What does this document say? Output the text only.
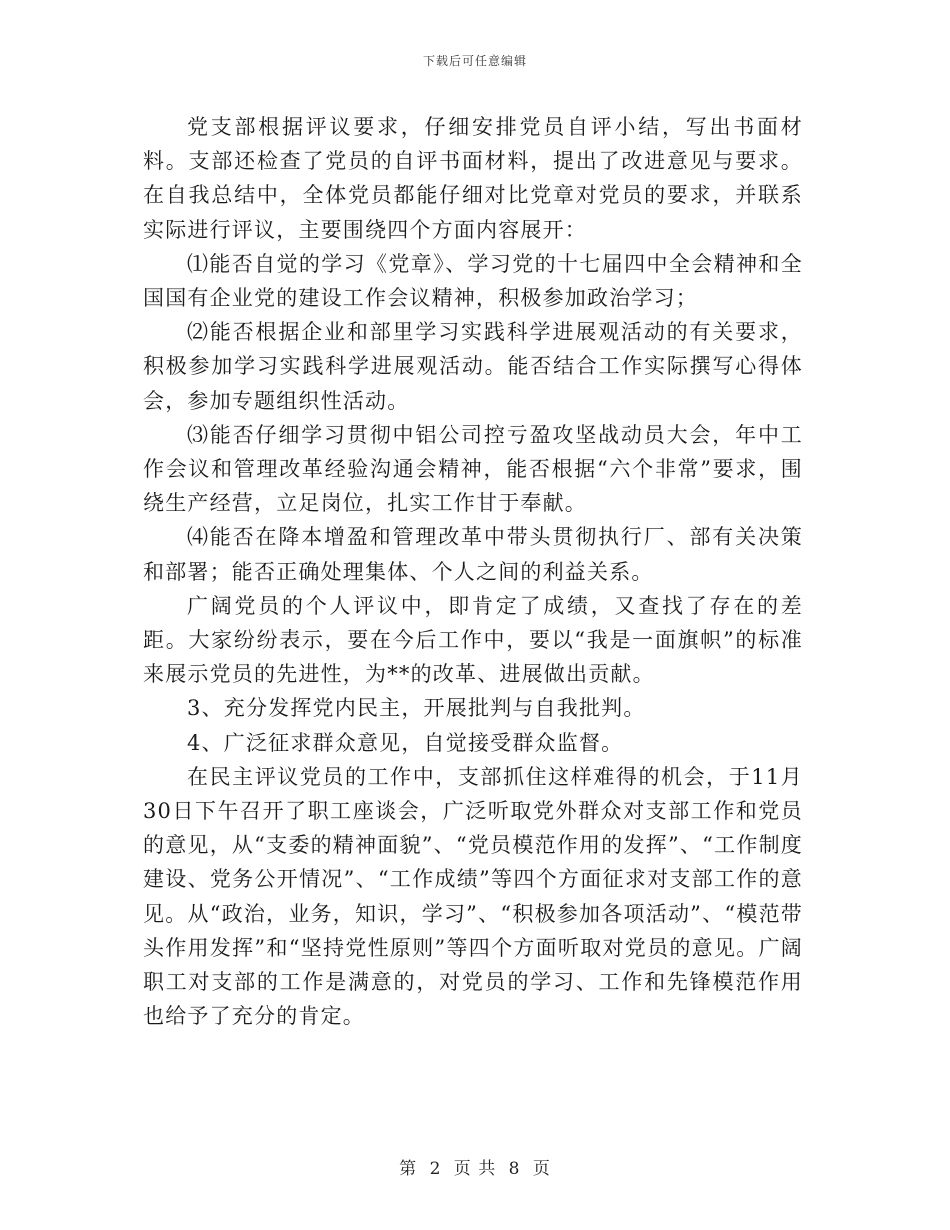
下载后可任意编辑

党支部根据评议要求，仔细安排党员自评小结，写出书面材料。支部还检查了党员的自评书面材料，提出了改进意见与要求。在自我总结中，全体党员都能仔细对比党章对党员的要求，并联系实际进行评议，主要围绕四个方面内容展开：

⑴能否自觉的学习《党章》、学习党的十七届四中全会精神和全国国有企业党的建设工作会议精神，积极参加政治学习；

⑵能否根据企业和部里学习实践科学进展观活动的有关要求，积极参加学习实践科学进展观活动。能否结合工作实际撰写心得体会，参加专题组织性活动。

⑶能否仔细学习贯彻中铝公司控亏盈攻坚战动员大会，年中工作会议和管理改革经验沟通会精神，能否根据“六个非常”要求，围绕生产经营，立足岗位，扎实工作甘于奉献。

⑷能否在降本增盈和管理改革中带头贯彻执行厂、部有关决策和部署；能否正确处理集体、个人之间的利益关系。

广阔党员的个人评议中，即肯定了成绩，又查找了存在的差距。大家纷纷表示，要在今后工作中，要以“我是一面旗帜”的标准来展示党员的先进性，为**的改革、进展做出贡献。

3、充分发挥党内民主，开展批判与自我批判。

4、广泛征求群众意见，自觉接受群众监督。

在民主评议党员的工作中，支部抓住这样难得的机会，于11月30日下午召开了职工座谈会，广泛听取党外群众对支部工作和党员的意见，从“支委的精神面貌”、“党员模范作用的发挥”、“工作制度建设、党务公开情况”、“工作成绩”等四个方面征求对支部工作的意见。从“政治，业务，知识，学习”、“积极参加各项活动”、“模范带头作用发挥”和“坚持党性原则”等四个方面听取对党员的意见。广阔职工对支部的工作是满意的，对党员的学习、工作和先锋模范作用也给予了充分的肯定。

第 2 页 共 8 页
